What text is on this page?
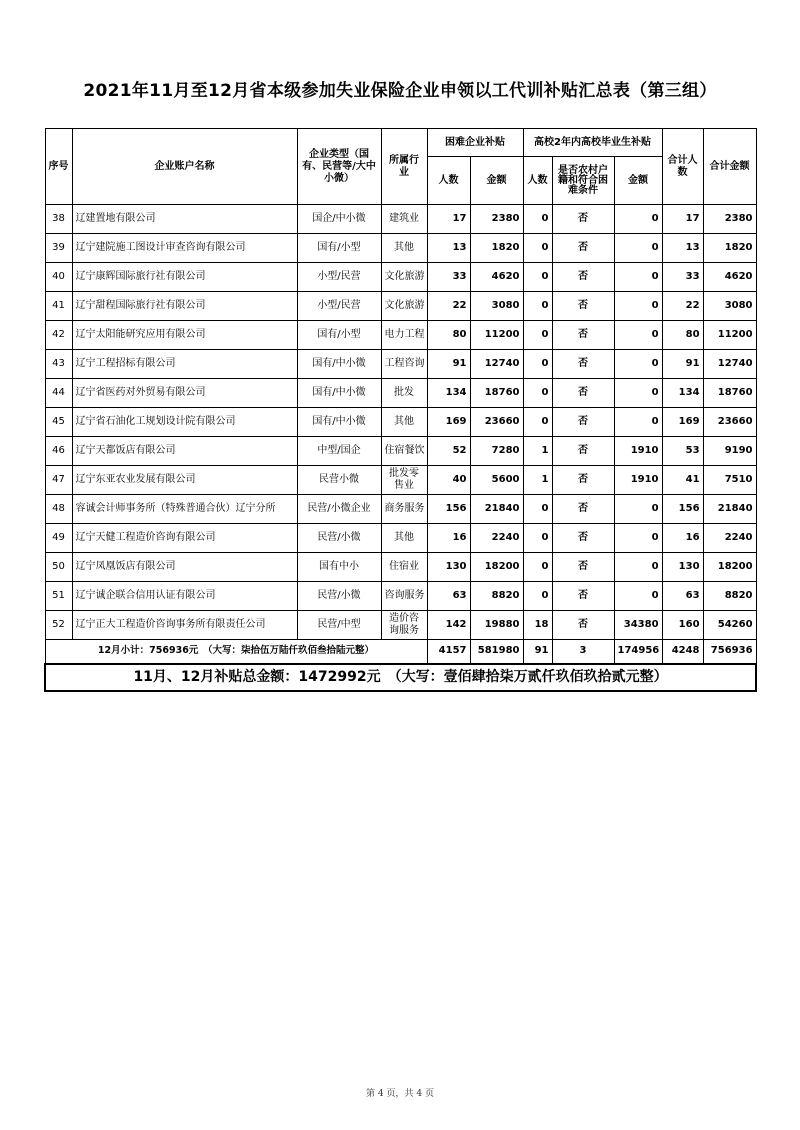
2021年11月至12月省本级参加失业保险企业申领以工代训补贴汇总表（第三组）
序号	企业账户名称	企业类型（国有、民营等/大中小微）	所属行业	困难企业补贴		高校2年内高校毕业生补贴			合计人数	合计金额

				人数	金额	人数	是否农村户籍和符合困难条件	金额		
38	辽建置地有限公司	国企/中小微	建筑业	17	2380	0	否	0	17	2380
39	辽宁建院施工图设计审查咨询有限公司	国有/小型	其他	13	1820	0	否	0	13	1820
40	辽宁康辉国际旅行社有限公司	小型/民营	文化旅游	33	4620	0	否	0	33	4620
41	辽宁甜程国际旅行社有限公司	小型/民营	文化旅游	22	3080	0	否	0	22	3080
42	辽宁太阳能研究应用有限公司	国有/小型	电力工程	80	11200	0	否	0	80	11200
43	辽宁工程招标有限公司	国有/中小微	工程咨询	91	12740	0	否	0	91	12740
44	辽宁省医药对外贸易有限公司	国有/中小微	批发	134	18760	0	否	0	134	18760
45	辽宁省石油化工规划设计院有限公司	国有/中小微	其他	169	23660	0	否	0	169	23660
46	辽宁天都饭店有限公司	中型/国企	住宿餐饮	52	7280	1	否	1910	53	9190
47	辽宁东亚农业发展有限公司	民营小微	批发零售业	40	5600	1	否	1910	41	7510
48	容诚会计师事务所（特殊普通合伙）辽宁分所	民营/小微企业	商务服务	156	21840	0	否	0	156	21840
49	辽宁天健工程造价咨询有限公司	民营/小微	其他	16	2240	0	否	0	16	2240
50	辽宁凤凰饭店有限公司	国有中小	住宿业	130	18200	0	否	0	130	18200
51	辽宁诚企联合信用认证有限公司	民营/小微	咨询服务	63	8820	0	否	0	63	8820
52	辽宁正大工程造价咨询事务所有限责任公司	民营/中型	造价咨询服务	142	19880	18	否	34380	160	54260
12月小计：756936元　（大写：柒拾伍万陆仟玖佰叁拾陆元整）				4157	581980	91	3	174956	4248	756936
11月、12月补贴总金额：1472992元　（大写：壹佰肆拾柒万贰仟玖佰玖拾贰元整）										
第 4 页，共 4 页
